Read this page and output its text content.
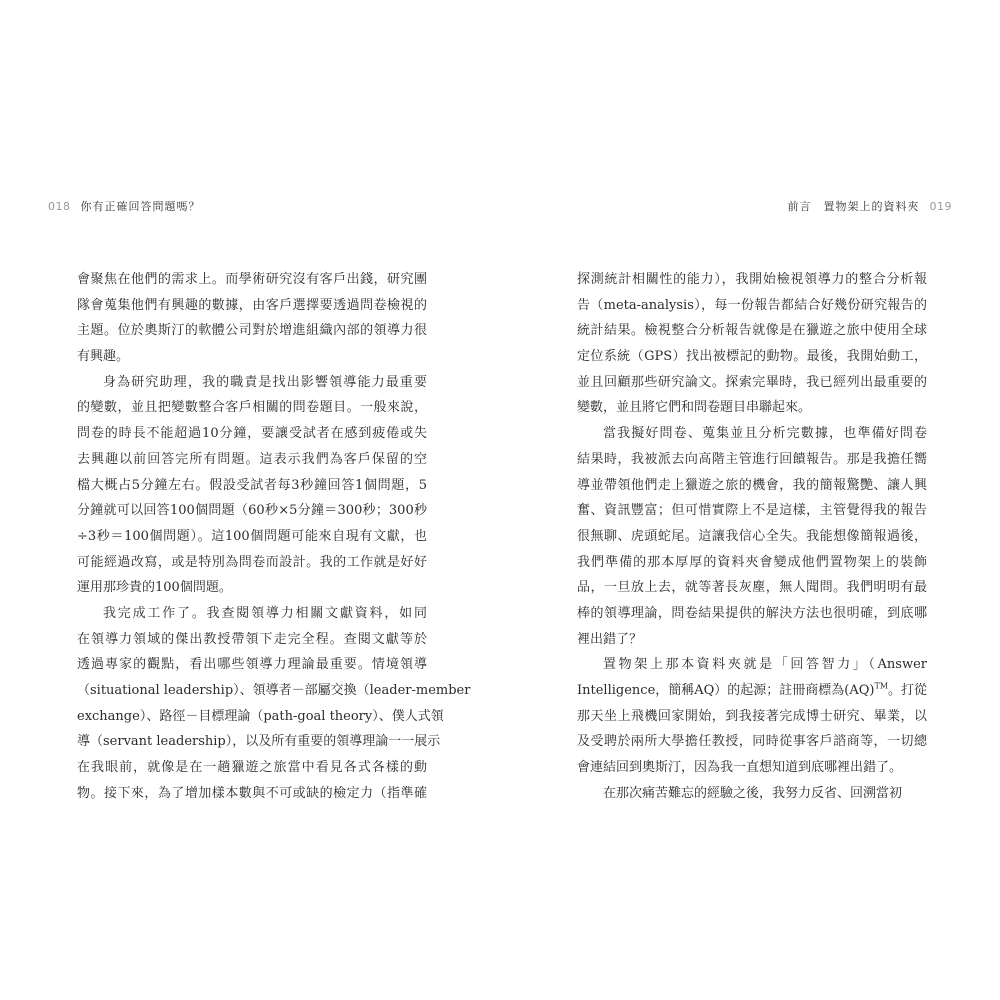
018 你有正確回答問題嗎？
會聚焦在他們的需求上。而學術研究沒有客戶出錢，研究團
隊會蒐集他們有興趣的數據，由客戶選擇要透過問卷檢視的
主題。位於奧斯汀的軟體公司對於增進組織內部的領導力很
有興趣。
身為研究助理，我的職責是找出影響領導能力最重要
的變數，並且把變數整合客戶相關的問卷題目。一般來說，
問卷的時長不能超過10分鐘，要讓受試者在感到疲倦或失
去興趣以前回答完所有問題。這表示我們為客戶保留的空
檔大概占5分鐘左右。假設受試者每3秒鐘回答1個問題，5
分鐘就可以回答100個問題（60秒×5分鐘＝300秒；300秒
÷3秒＝100個問題）。這100個問題可能來自現有文獻，也
可能經過改寫，或是特別為問卷而設計。我的工作就是好好
運用那珍貴的100個問題。
我完成工作了。我查閱領導力相關文獻資料，如同
在領導力領域的傑出教授帶領下走完全程。查閱文獻等於
透過專家的觀點，看出哪些領導力理論最重要。情境領導
（situational leadership）、領導者－部屬交換（leader-member
exchange）、路徑－目標理論（path-goal theory）、僕人式領
導（servant leadership），以及所有重要的領導理論一一展示
在我眼前，就像是在一趟獵遊之旅當中看見各式各樣的動
物。接下來，為了增加樣本數與不可或缺的檢定力（指準確
前言　置物架上的資料夾 019
探測統計相關性的能力），我開始檢視領導力的整合分析報
告（meta-analysis），每一份報告都結合好幾份研究報告的
統計結果。檢視整合分析報告就像是在獵遊之旅中使用全球
定位系統（GPS）找出被標記的動物。最後，我開始動工，
並且回顧那些研究論文。探索完畢時，我已經列出最重要的
變數，並且將它們和問卷題目串聯起來。
當我擬好問卷、蒐集並且分析完數據，也準備好問卷
結果時，我被派去向高階主管進行回饋報告。那是我擔任嚮
導並帶領他們走上獵遊之旅的機會，我的簡報驚艷、讓人興
奮、資訊豐富；但可惜實際上不是這樣，主管覺得我的報告
很無聊、虎頭蛇尾。這讓我信心全失。我能想像簡報過後，
我們準備的那本厚厚的資料夾會變成他們置物架上的裝飾
品，一旦放上去，就等著長灰塵，無人聞問。我們明明有最
棒的領導理論，問卷結果提供的解決方法也很明確，到底哪
裡出錯了？
置物架上那本資料夾就是「回答智力」（Answer
Intelligence，簡稱AQ）的起源；註冊商標為(AQ)™。打從
那天坐上飛機回家開始，到我接著完成博士研究、畢業，以
及受聘於兩所大學擔任教授，同時從事客戶諮商等，一切總
會連結回到奧斯汀，因為我一直想知道到底哪裡出錯了。
在那次痛苦難忘的經驗之後，我努力反省、回溯當初
